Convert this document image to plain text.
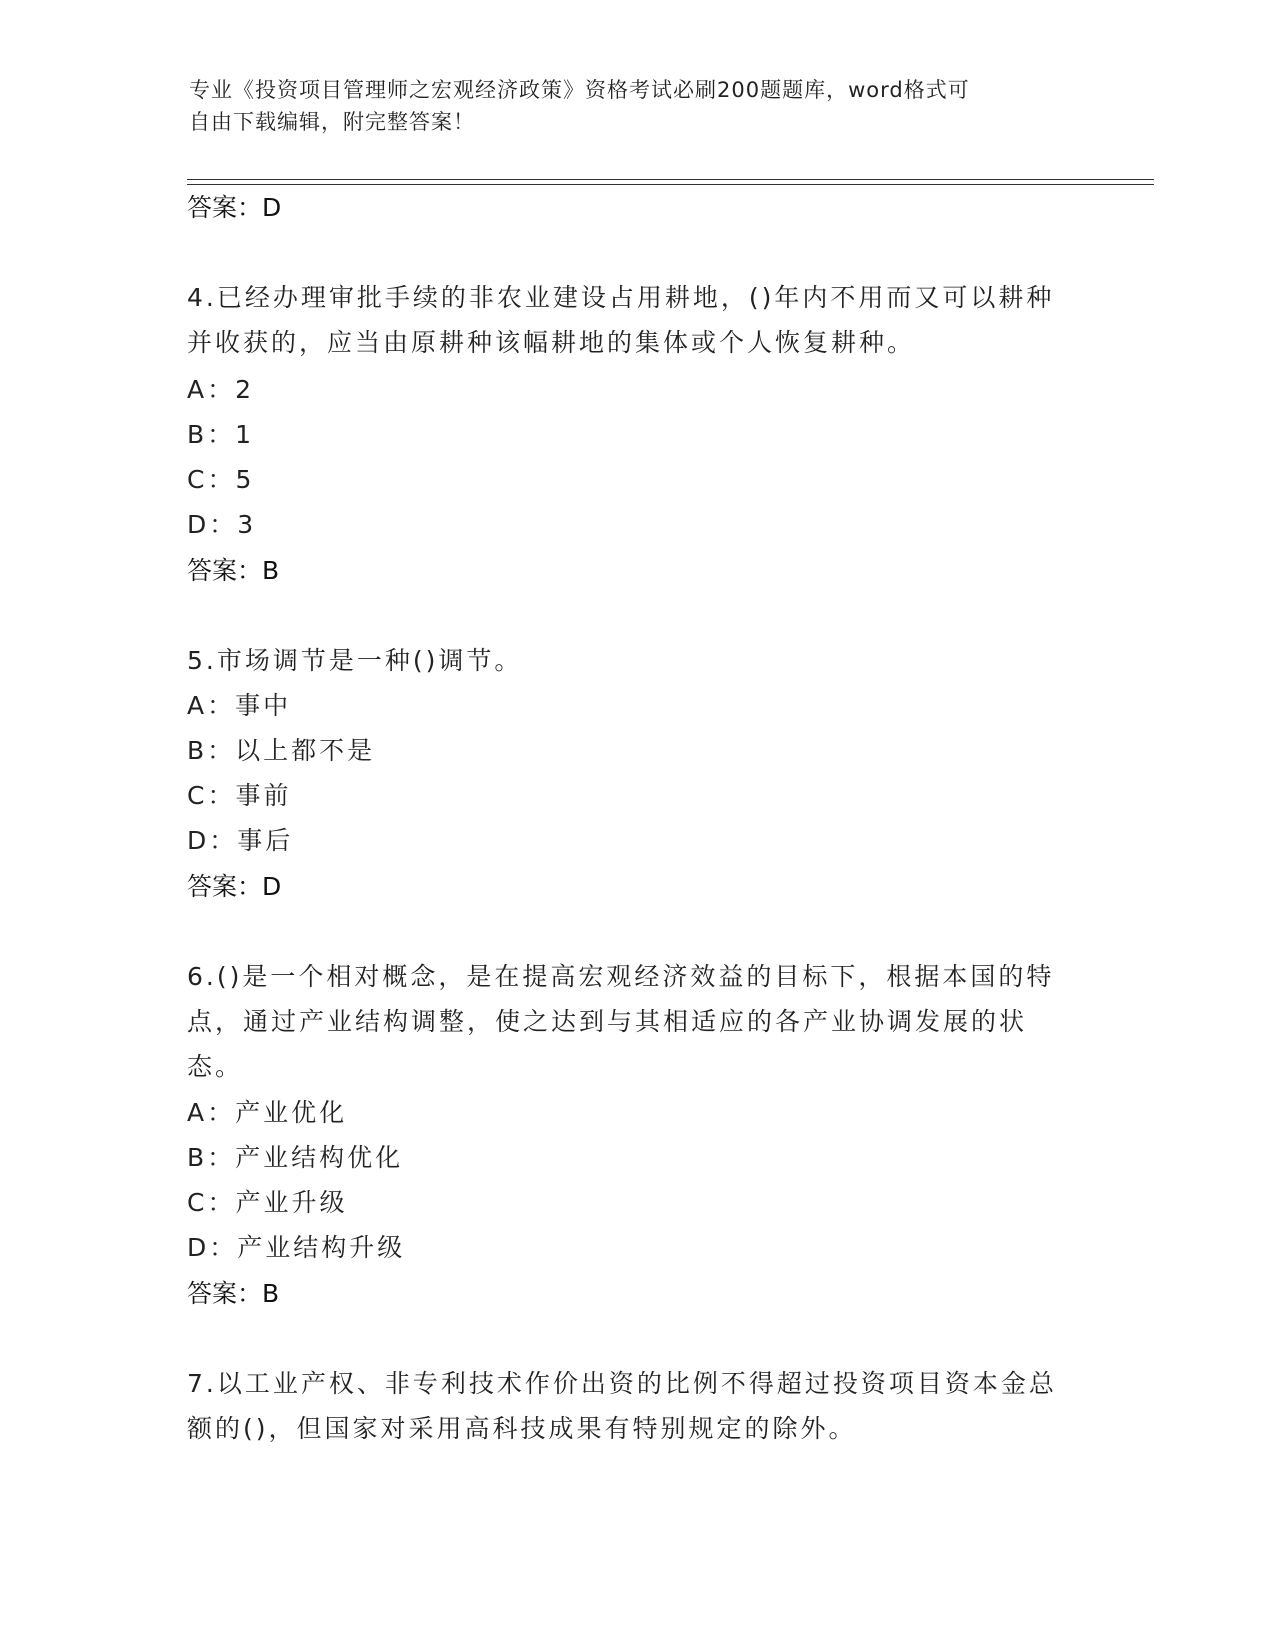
专业《投资项目管理师之宏观经济政策》资格考试必刷200题题库，word格式可
自由下载编辑，附完整答案！
答案：D
4.已经办理审批手续的非农业建设占用耕地，()年内不用而又可以耕种并收获的，应当由原耕种该幅耕地的集体或个人恢复耕种。
A：2
B：1
C：5
D：3
答案：B
5.市场调节是一种()调节。
A：事中
B：以上都不是
C：事前
D：事后
答案：D
6.()是一个相对概念，是在提高宏观经济效益的目标下，根据本国的特点，通过产业结构调整，使之达到与其相适应的各产业协调发展的状态。
A：产业优化
B：产业结构优化
C：产业升级
D：产业结构升级
答案：B
7.以工业产权、非专利技术作价出资的比例不得超过投资项目资本金总额的()，但国家对采用高科技成果有特别规定的除外。
